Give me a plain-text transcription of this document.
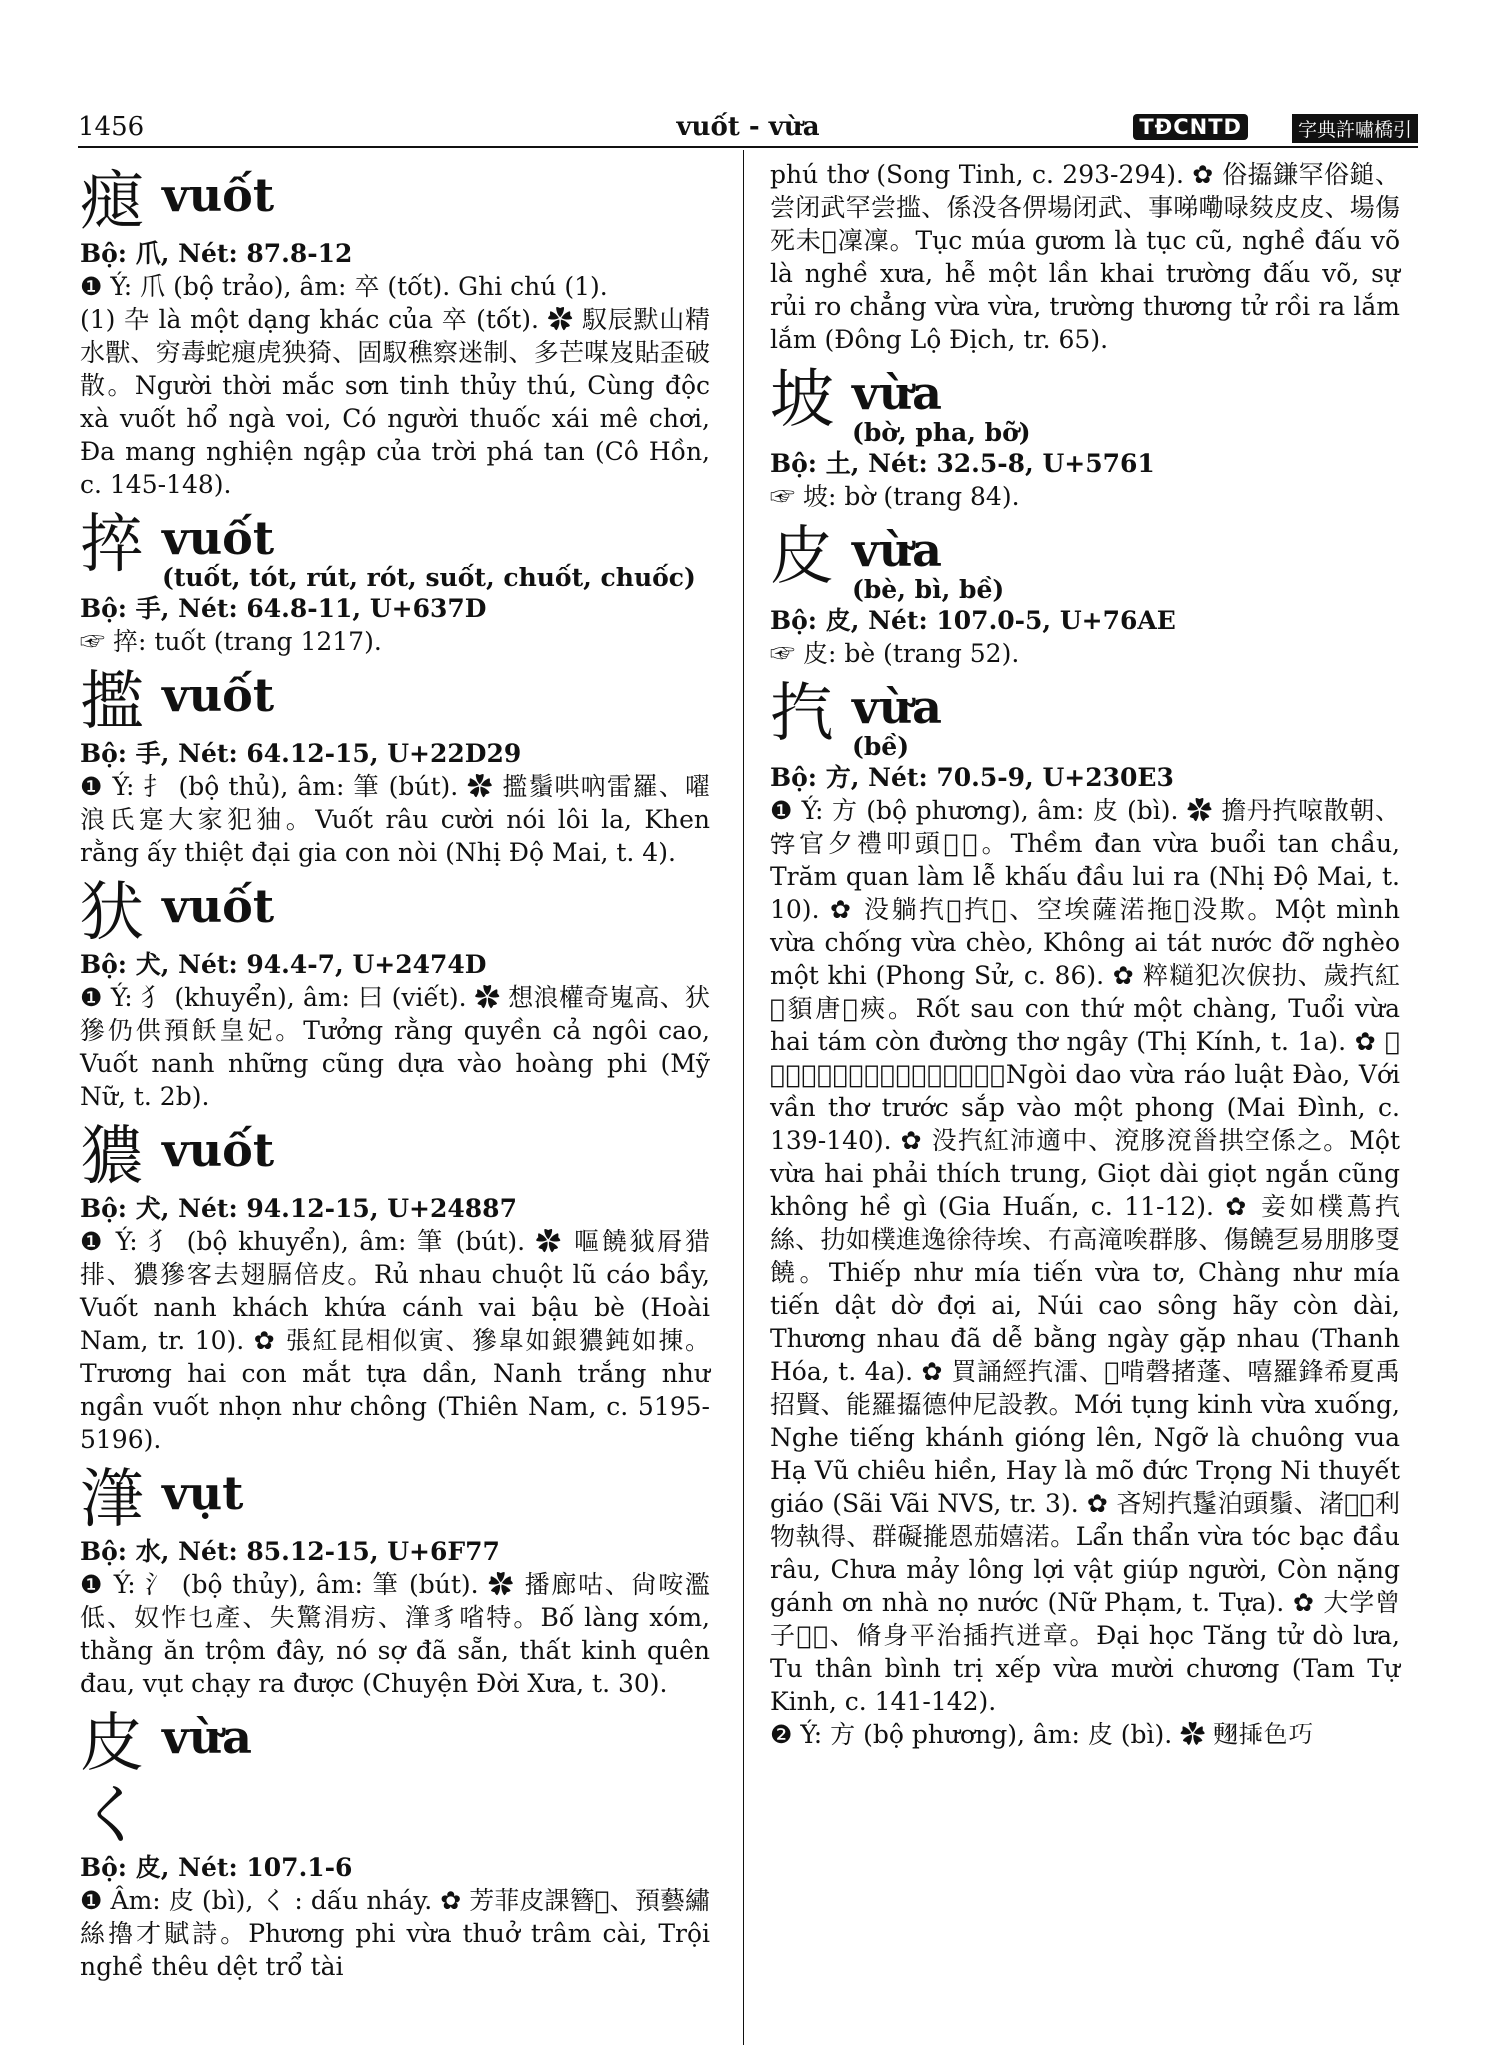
1456	vuốt - vừa	TĐCNTD	字典許嘯橋引
㾼 vuốt
Bộ: 爪, Nét: 87.8-12

❶ Ý: 爪 (bộ trảo), âm: 卒 (tốt). Ghi chú (1).
(1) 卆 là một dạng khác của 卒 (tốt). ✿ 馭辰默山精水獸、穷毒蛇㾼虎㹧猗、固馭穛察迷制、多芒㖼岌貼歪破散。Người thời mắc sơn tinh thủy thú, Cùng độc xà vuốt hổ ngà voi, Có người thuốc xái mê chơi, Đa mang nghiện ngập của trời phá tan (Cô Hồn, c. 145-148).

捽 vuốt
(tuốt, tót, rút, rót, suốt, chuốt, chuốc)
Bộ: 手, Nét: 64.8-11, U+637D

☞ 捽: tuốt (trang 1217).

㩜 vuốt
Bộ: 手, Nét: 64.12-15, U+22D29

❶ Ý: 扌 (bộ thủ), âm: 筆 (bút). ✿ 㩜鬚哄吶雷羅、嚁浪氏寔大家犯㹨。Vuốt râu cười nói lôi la, Khen rằng ấy thiệt đại gia con nòi (Nhị Độ Mai, t. 4).

犾 vuốt
Bộ: 犬, Nét: 94.4-7, U+2474D

❶ Ý: 犭 (khuyển), âm: 曰 (viết). ✿ 想浪權奇嵬高、犾㺑仍供預飫皇妃。Tưởng rằng quyền cả ngôi cao, Vuốt nanh những cũng dựa vào hoàng phi (Mỹ Nữ, t. 2b).

㺜 vuốt
Bộ: 犬, Nét: 94.12-15, U+24887

❶ Ý: 犭 (bộ khuyển), âm: 筆 (bút). ✿ 嘔饒狘㞕猎排、㺜㺑客去翅膈倍皮。Rủ nhau chuột lũ cáo bầy, Vuốt nanh khách khứa cánh vai bậu bè (Hoài Nam, tr. 10). ✿ 張紅昆相似寅、㺑皐如銀㺜鈍如㨂。Trương hai con mắt tựa dần, Nanh trắng như ngần vuốt nhọn như chông (Thiên Nam, c. 5195-5196).

潷 vụt
Bộ: 水, Nét: 85.12-15, U+6F77

❶ Ý: 氵 (bộ thủy), âm: 筆 (bút). ✿ 播廊咕、尙咹濫低、奴怍乜產、失驚涓疠、潷豸㗂特。Bố làng xóm, thằng ăn trộm đây, nó sợ đã sẵn, thất kinh quên đau, vụt chạy ra được (Chuyện Đời Xưa, t. 30).

皮く
vừa
Bộ: 皮, Nét: 107.1-6

❶ Âm: 皮 (bì), く : dấu nháy. ✿ 芳菲皮課簪𢪀、預藝繡絲擼才賦詩。Phương phi vừa thuở trâm cài, Trội nghề thêu dệt trổ tài

phú thơ (Song Tinh, c. 293-294). ✿ 俗㩡鎌罕俗鎚、尝闭武罕尝㨫、係没各㑭場闭武、事㖒嘞㖨㩼皮皮、場傷死未𤷱凜凜。Tục múa gươm là tục cũ, nghề đấu võ là nghề xưa, hễ một lần khai trường đấu võ, sự rủi ro chẳng vừa vừa, trường thương tử rồi ra lắm lắm (Đông Lộ Địch, tr. 65).

坡 vừa
(bờ, pha, bỡ)
Bộ: 土, Nét: 32.5-8, U+5761

☞ 坡: bờ (trang 84).

皮 vừa
(bè, bì, bề)
Bộ: 皮, Nét: 107.0-5, U+76AE

☞ 皮: bè (trang 52).

㧉 vừa
(bề)
Bộ: 方, Nét: 70.5-9, U+230E3

❶ Ý: 方 (bộ phương), âm: 皮 (bì). ✿ 擔丹㧉㗒散朝、𡨸官夕禮叩頭𨇒𩩖。Thềm đan vừa buổi tan chầu, Trăm quan làm lễ khấu đầu lui ra (Nhị Độ Mai, t. 10). ✿ 没躺㧉𢫝㧉𢭿、空埃薩渃拖𩸄没欺。Một mình vừa chống vừa chèo, Không ai tát nước đỡ nghèo một khi (Phong Sử, c. 86). ✿ 粹𥽌犯次㑦扐、歲㧉紅𣏍䫉唐𨁪㾜。Rốt sau con thứ một chàng, Tuổi vừa hai tám còn đường thơ ngây (Thị Kính, t. 1a). ✿ 𥹰蛟㧉燥律陶、貝韻詩𩰓插𠇍没封。Ngòi dao vừa ráo luật Đào, Với vần thơ trước sắp vào một phong (Mai Đình, c. 139-140). ✿ 没㧉紅沛適中、渷䏧渷𩠐拱空係之。Một vừa hai phải thích trung, Giọt dài giọt ngắn cũng không hề gì (Gia Huấn, c. 11-12). ✿ 妾如樸蔦㧉絲、扐如樸進逸徐待埃、冇高滝唉群䏧、傷饒乭易朋䏧㪅饒。Thiếp như mía tiến vừa tơ, Chàng như mía tiến dật dờ đợi ai, Núi cao sông hãy còn dài, Thương nhau đã dễ bằng ngày gặp nhau (Thanh Hóa, t. 4a). ✿ 買誦經㧉㵢、𠻀啃磬㨋蓬、嘻羅鋒希夏禹招賢、能羅㩡德仲尼設教。Mới tụng kinh vừa xuống, Nghe tiếng khánh gióng lên, Ngỡ là chuông vua Hạ Vũ chiêu hiền, Hay là mõ đức Trọng Ni thuyết giáo (Sãi Vãi NVS, tr. 3). ✿ 吝矧㧉鬔泊頭鬚、渚𦏓𪁳利物執得、群礙㨢恩茄嬉渃。Lẩn thẩn vừa tóc bạc đầu râu, Chưa mảy lông lợi vật giúp người, Còn nặng gánh ơn nhà nọ nước (Nữ Phạm, t. Tựa). ✿ 大学曾子𨅸𨀎、脩身平治插㧉迸章。Đại học Tăng tử dò lưa, Tu thân bình trị xếp vừa mười chương (Tam Tự Kinh, c. 141-142).
❷ Ý: 方 (bộ phương), âm: 皮 (bì). ✿ 𦑃𢮿色巧
